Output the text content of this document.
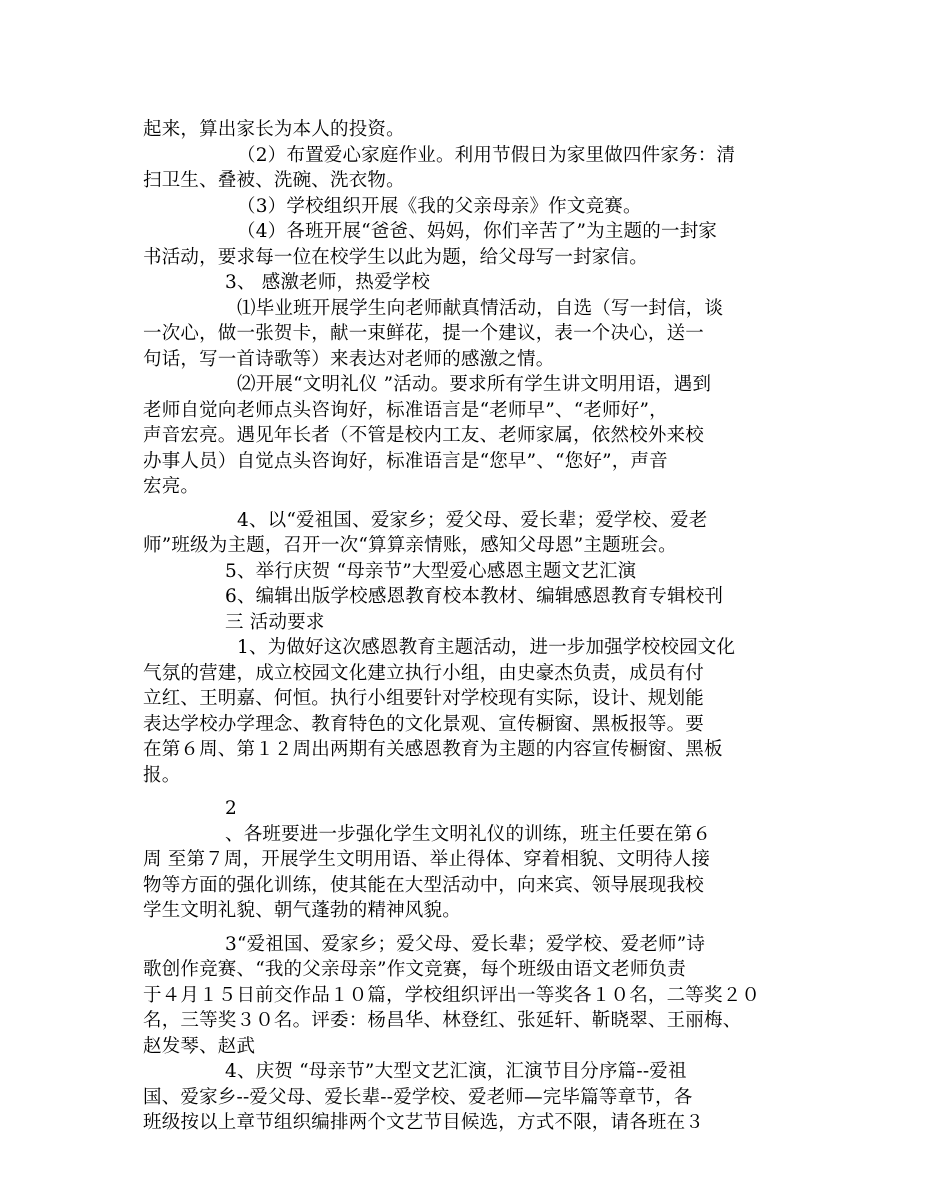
起来，算出家长为本人的投资。
（2）布置爱心家庭作业。利用节假日为家里做四件家务：清
扫卫生、叠被、洗碗、洗衣物。
（3）学校组织开展《我的父亲母亲》作文竞赛。
（4）各班开展“爸爸、妈妈，你们辛苦了”为主题的一封家
书活动，要求每一位在校学生以此为题，给父母写一封家信。
3、 感激老师，热爱学校
⑴毕业班开展学生向老师献真情活动，自选（写一封信，谈
一次心，做一张贺卡，献一束鲜花，提一个建议，表一个决心，送一
句话，写一首诗歌等）来表达对老师的感激之情。
⑵开展“文明礼仪 ”活动。要求所有学生讲文明用语，遇到
老师自觉向老师点头咨询好，标准语言是“老师早”、“老师好”，
声音宏亮。遇见年长者（不管是校内工友、老师家属，依然校外来校
办事人员）自觉点头咨询好，标准语言是“您早”、“您好”，声音
宏亮。
4、以“爱祖国、爱家乡；爱父母、爱长辈；爱学校、爱老
师”班级为主题，召开一次“算算亲情账，感知父母恩”主题班会。
5、举行庆贺 “母亲节”大型爱心感恩主题文艺汇演
6、编辑出版学校感恩教育校本教材、编辑感恩教育专辑校刊
三 活动要求
1、为做好这次感恩教育主题活动，进一步加强学校校园文化
气氛的营建，成立校园文化建立执行小组，由史豪杰负责，成员有付
立红、王明嘉、何恒。执行小组要针对学校现有实际，设计、规划能
表达学校办学理念、教育特色的文化景观、宣传橱窗、黑板报等。要
在第６周、第１２周出两期有关感恩教育为主题的内容宣传橱窗、黑板
报。
2
、各班要进一步强化学生文明礼仪的训练，班主任要在第６
周 至第７周，开展学生文明用语、举止得体、穿着相貌、文明待人接
物等方面的强化训练，使其能在大型活动中，向来宾、领导展现我校
学生文明礼貌、朝气蓬勃的精神风貌。
3“爱祖国、爱家乡；爱父母、爱长辈；爱学校、爱老师”诗
歌创作竞赛、“我的父亲母亲”作文竞赛，每个班级由语文老师负责
于４月１５日前交作品１０篇，学校组织评出一等奖各１０名，二等奖２０
名，三等奖３０名。评委：杨昌华、林登红、张延轩、靳晓翠、王丽梅、
赵发琴、赵武
4、庆贺 “母亲节”大型文艺汇演，汇演节目分序篇--爱祖
国、爱家乡--爱父母、爱长辈--爱学校、爱老师—完毕篇等章节，各
班级按以上章节组织编排两个文艺节目候选，方式不限，请各班在３
